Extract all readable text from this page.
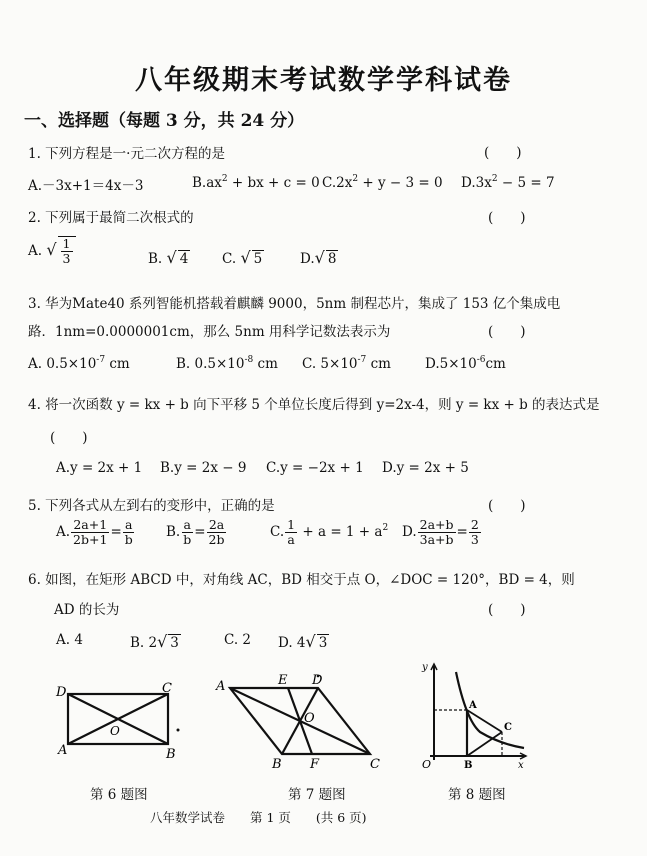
八年级期末考试数学学科试卷
一、选择题（每题 3 分，共 24 分）
1. 下列方程是一·元二次方程的是	(　　)
A.－3x+1＝4x－3	$B.ax^2$ + bx + c = 0 $C.2x^2 + y - 3 = 0$ $D.3x^2 - 5 = 7$
2. 下列属于最简二次根式的	(　　)
A. √ $\frac{1}{3}$	B. √ 4 C. √ 5	D.√ 8
3. 华为Mate40 系列智能机搭载着麒麟 9000，5nm 制程芯片，集成了 153 亿个集成电
路．1nm=0.0000001cm，那么 5nm 用科学记数法表示为	(　　)
A. $0.5\times 10^{-7}$ cm	B. $0.5\times 10^{-8}$ cm C. $5\times 10^{-7}$ cm	$D.5\times 10^{-6}cm$
4. 将一次函数 y = kx + b 向下平移 5 个单位长度后得到 y=2x-4，则 y = kx + b 的表达式是
(　　)
A.y = 2x + 1 B.y = 2x − 9 C.y = −2x + 1 D.y = 2x + 5
5. 下列各式从左到右的变形中，正确的是	(　　)
A. $\frac{2a+1}{2b+1} = \frac{a}{b} B$. $\frac{a}{b} = \frac{2a}{2b}$	C. $\frac{1}{a} + a = 1 + a^2$ D. $\frac{2a+b}{3a+b} = \frac{2}{3}$
6. 如图，在矩形 ABCD 中，对角线 AC，BD 相交于点 O，∠DOC = 120°，BD = 4，则
AD 的长为	(　　)
A. 4	B. 2√ 3	C. 2 D. 4√ 3
D	C
A	B
O
第 6 题图
A	E D
O
B F	C
第 7 题图
y
x
O
A
B
C
第 8 题图
八年数学试卷　　第 1 页　　(共 6 页)
